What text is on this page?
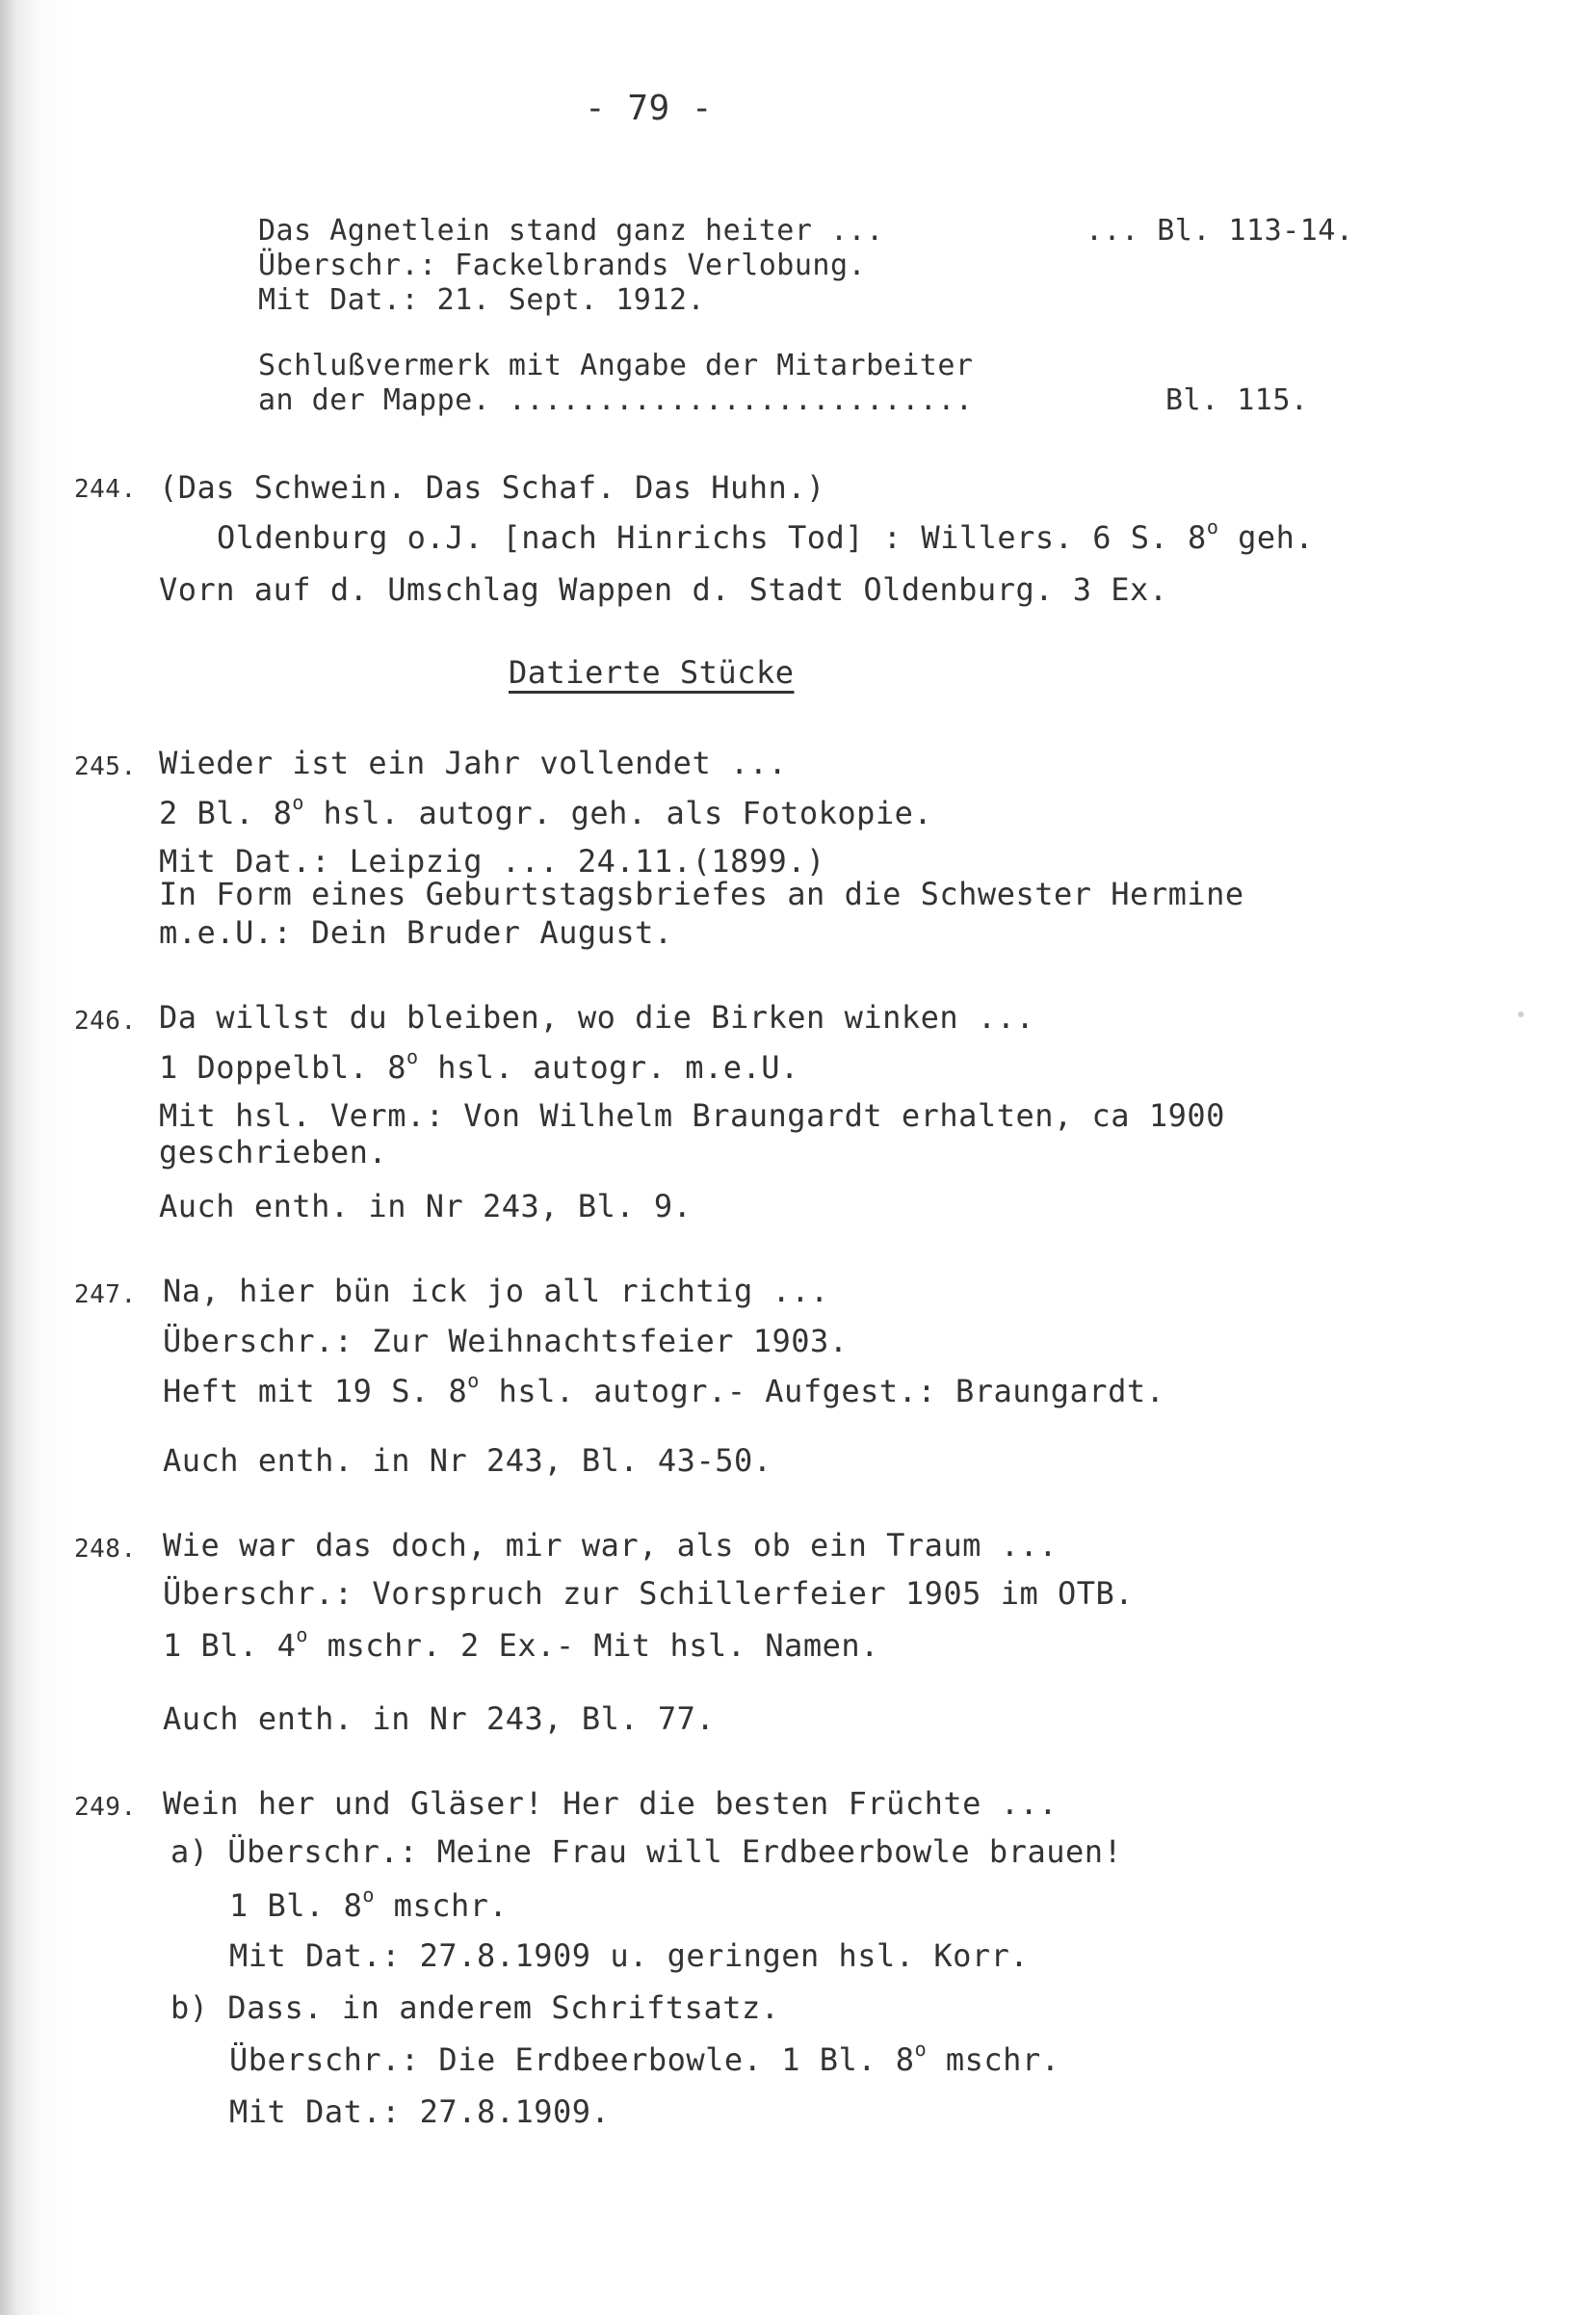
- 79 -
Das Agnetlein stand ganz heiter ...	... Bl. 113-14.
Überschr.: Fackelbrands Verlobung.
Mit Dat.: 21. Sept. 1912.
Schlußvermerk mit Angabe der Mitarbeiter
an der Mappe. ..........................	Bl. 115.
244. (Das Schwein. Das Schaf. Das Huhn.)
Oldenburg o.J. [nach Hinrichs Tod] : Willers. 6 S. 8$^o$ geh.
Vorn auf d. Umschlag Wappen d. Stadt Oldenburg. 3 Ex.
Datierte Stücke
245. Wieder ist ein Jahr vollendet ...
2 Bl. 8$^o$ hsl. autogr. geh. als Fotokopie.
Mit Dat.: Leipzig ... 24.11.(1899.)
In Form eines Geburtstagsbriefes an die Schwester Hermine
m.e.U.: Dein Bruder August.
246. Da willst du bleiben, wo die Birken winken ...
1 Doppelbl. 8$^o$ hsl. autogr. m.e.U.
Mit hsl. Verm.: Von Wilhelm Braungardt erhalten, ca 1900
geschrieben.
Auch enth. in Nr 243, Bl. 9.
247. Na, hier bün ick jo all richtig ...
Überschr.: Zur Weihnachtsfeier 1903.
Heft mit 19 S. 8$^o$ hsl. autogr.- Aufgest.: Braungardt.
Auch enth. in Nr 243, Bl. 43-50.
248. Wie war das doch, mir war, als ob ein Traum ...
Überschr.: Vorspruch zur Schillerfeier 1905 im OTB.
1 Bl. 4$^o$ mschr. 2 Ex.- Mit hsl. Namen.
Auch enth. in Nr 243, Bl. 77.
249. Wein her und Gläser! Her die besten Früchte ...
a) Überschr.: Meine Frau will Erdbeerbowle brauen!
1 Bl. 8$^o$ mschr.
Mit Dat.: 27.8.1909 u. geringen hsl. Korr.
b) Dass. in anderem Schriftsatz.
Überschr.: Die Erdbeerbowle. 1 Bl. 8$^o$ mschr.
Mit Dat.: 27.8.1909.
